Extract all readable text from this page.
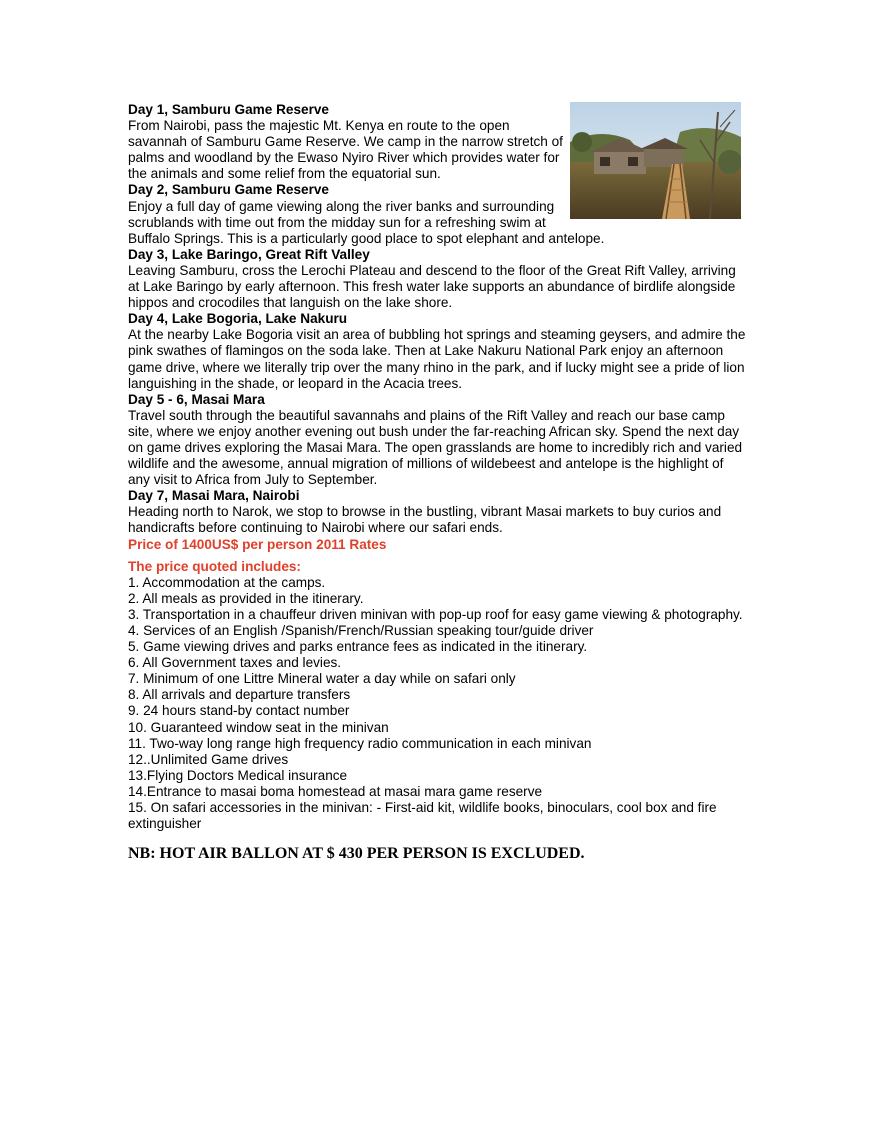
Day 1, Samburu Game Reserve
From Nairobi, pass the majestic Mt. Kenya en route to the open savannah of Samburu Game Reserve. We camp in the narrow stretch of palms and woodland by the Ewaso Nyiro River which provides water for the animals and some relief from the equatorial sun.
Day 2, Samburu Game Reserve
Enjoy a full day of game viewing along the river banks and surrounding scrublands with time out from the midday sun for a refreshing swim at
Buffalo Springs. This is a particularly good place to spot elephant and antelope.
Day 3, Lake Baringo, Great Rift Valley
Leaving Samburu, cross the Lerochi Plateau and descend to the floor of the Great Rift Valley, arriving at Lake Baringo by early afternoon. This fresh water lake supports an abundance of birdlife alongside hippos and crocodiles that languish on the lake shore.
Day 4, Lake Bogoria, Lake Nakuru
At the nearby Lake Bogoria visit an area of bubbling hot springs and steaming geysers, and admire the pink swathes of flamingos on the soda lake. Then at Lake Nakuru National Park enjoy an afternoon game drive, where we literally trip over the many rhino in the park, and if lucky might see a pride of lion languishing in the shade, or leopard in the Acacia trees.
Day 5 - 6, Masai Mara
Travel south through the beautiful savannahs and plains of the Rift Valley and reach our base camp site, where we enjoy another evening out bush under the far-reaching African sky. Spend the next day on game drives exploring the Masai Mara. The open grasslands are home to incredibly rich and varied wildlife and the awesome, annual migration of millions of wildebeest and antelope is the highlight of any visit to Africa from July to September.
Day 7, Masai Mara, Nairobi
Heading north to Narok, we stop to browse in the bustling, vibrant Masai markets to buy curios and handicrafts before continuing to Nairobi where our safari ends.
Price of 1400US$ per person 2011 Rates
The price quoted includes:
1. Accommodation at the camps.
2. All meals as provided in the itinerary.
3. Transportation in a chauffeur driven minivan with pop-up roof for easy game viewing & photography.
4. Services of an English /Spanish/French/Russian speaking tour/guide driver
5. Game viewing drives and parks entrance fees as indicated in the itinerary.
6. All Government taxes and levies.
7. Minimum of one Littre Mineral water a day while on safari only
8. All arrivals and departure transfers
9. 24 hours stand-by contact number
10. Guaranteed window seat in the minivan
11. Two-way long range high frequency radio communication in each minivan
12..Unlimited Game drives
13.Flying Doctors Medical insurance
14.Entrance to masai boma homestead at masai mara game reserve
15. On safari accessories in the minivan: - First-aid kit, wildlife books, binoculars, cool box and fire extinguisher
NB: HOT AIR BALLON AT $ 430 PER PERSON IS EXCLUDED.
